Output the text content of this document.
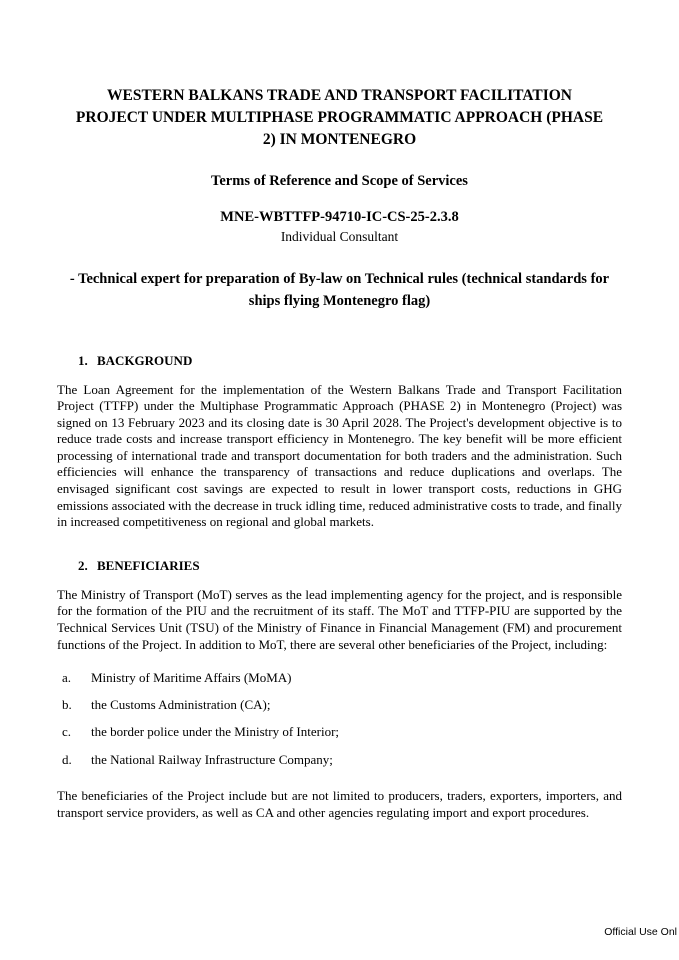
WESTERN BALKANS TRADE AND TRANSPORT FACILITATION PROJECT UNDER MULTIPHASE PROGRAMMATIC APPROACH (PHASE 2) IN MONTENEGRO
Terms of Reference and Scope of Services
MNE-WBTTFP-94710-IC-CS-25-2.3.8
Individual Consultant
- Technical expert for preparation of By-law on Technical rules (technical standards for ships flying Montenegro flag)
1. BACKGROUND

The Loan Agreement for the implementation of the Western Balkans Trade and Transport Facilitation Project (TTFP) under the Multiphase Programmatic Approach (PHASE 2) in Montenegro (Project) was signed on 13 February 2023 and its closing date is 30 April 2028. The Project's development objective is to reduce trade costs and increase transport efficiency in Montenegro. The key benefit will be more efficient processing of international trade and transport documentation for both traders and the administration. Such efficiencies will enhance the transparency of transactions and reduce duplications and overlaps. The envisaged significant cost savings are expected to result in lower transport costs, reductions in GHG emissions associated with the decrease in truck idling time, reduced administrative costs to trade, and finally in increased competitiveness on regional and global markets.

2. BENEFICIARIES

The Ministry of Transport (MoT) serves as the lead implementing agency for the project, and is responsible for the formation of the PIU and the recruitment of its staff. The MoT and TTFP-PIU are supported by the Technical Services Unit (TSU) of the Ministry of Finance in Financial Management (FM) and procurement functions of the Project. In addition to MoT, there are several other beneficiaries of the Project, including:

a.	Ministry of Maritime Affairs (MoMA)
b.	the Customs Administration (CA);
c.	the border police under the Ministry of Interior;
d.	the National Railway Infrastructure Company;

The beneficiaries of the Project include but are not limited to producers, traders, exporters, importers, and transport service providers, as well as CA and other agencies regulating import and export procedures.

Official Use Onl
